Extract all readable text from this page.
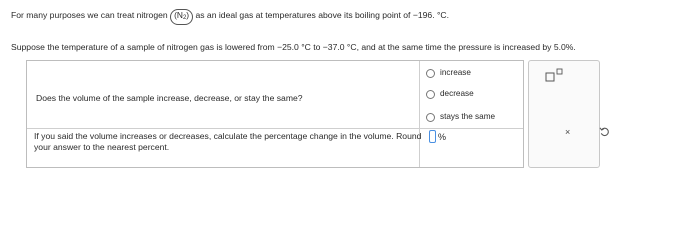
For many purposes we can treat nitrogen $(N_2)$ as an ideal gas at temperatures above its boiling point of −196. °C.
Suppose the temperature of a sample of nitrogen gas is lowered from −25.0 °C to −37.0 °C, and at the same time the pressure is increased by 5.0%.
Does the volume of the sample increase, decrease, or stay the same?
increase
decrease
stays the same
If you said the volume increases or decreases, calculate the percentage change in the volume. Round your answer to the nearest percent.
%	×
